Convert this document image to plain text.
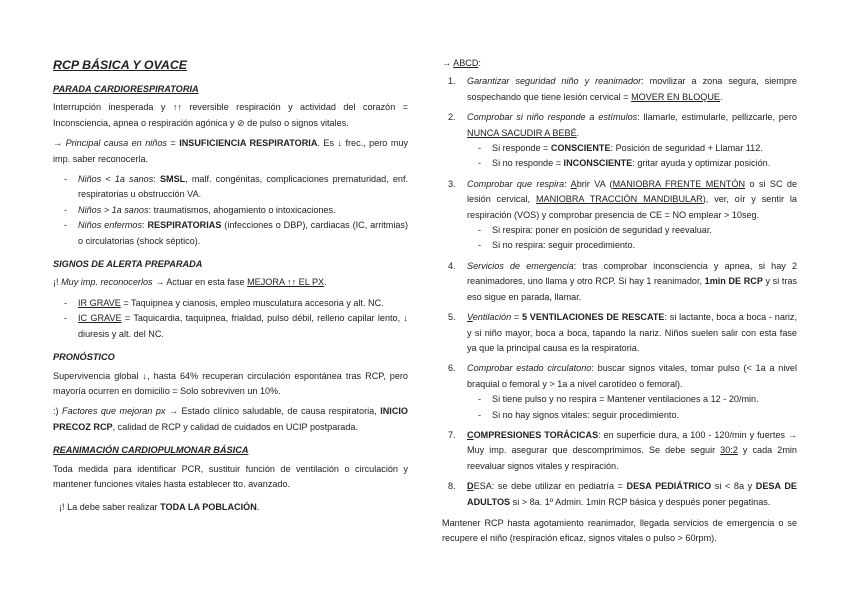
RCP BÁSICA Y OVACE
PARADA CARDIORESPIRATORIA

Interrupción inesperada y ↑↑ reversible respiración y actividad del corazón = Inconsciencia, apnea o respiración agónica y ⊘ de pulso o signos vitales.

→ Principal causa en niños = INSUFICIENCIA RESPIRATORIA. Es ↓ frec., pero muy imp. saber reconocerla.

- Niños < 1a sanos: SMSL, malf. congénitas, complicaciones prematuridad, enf. respiratorias u obstrucción VA.
- Niños > 1a sanos: traumatismos, ahogamiento o intoxicaciones.
- Niños enfermos: RESPIRATORIAS (infecciones o DBP), cardiacas (IC, arritmias) o circulatorias (shock séptico).
SIGNOS DE ALERTA PREPARADA

¡! Muy imp. reconocerlos → Actuar en esta fase MEJORA ↑↑ EL PX.

- IR GRAVE = Taquipnea y cianosis, empleo musculatura accesoria y alt. NC.
- IC GRAVE = Taquicardia, taquipnea, frialdad, pulso débil, relleno capilar lento, ↓ diuresis y alt. del NC.
PRONÓSTICO

Supervivencia global ↓, hasta 64% recuperan circulación espontánea tras RCP, pero mayoría ocurren en domicilio = Solo sobreviven un 10%.

:) Factores que mejoran px → Estado clínico saludable, de causa respiratoria, INICIO PRECOZ RCP, calidad de RCP y calidad de cuidados en UCIP postparada.

REANIMACIÓN CARDIOPULMONAR BÁSICA

Toda medida para identificar PCR, sustituir función de ventilación o circulación y mantener funciones vitales hasta establecer tto. avanzado.

¡! La debe saber realizar TODA LA POBLACIÓN.

→ ABCD:

1. Garantizar seguridad niño y reanimador: movilizar a zona segura, siempre sospechando que tiene lesión cervical = MOVER EN BLOQUE.
2. Comprobar si niño responde a estímulos: llamarle, estimularle, pellizcarle, pero NUNCA SACUDIR A BEBÉ.
- Si responde = CONSCIENTE: Posición de seguridad + Llamar 112.
- Si no responde = INCONSCIENTE: gritar ayuda y optimizar posición.
3. Comprobar que respira: Abrir VA (MANIOBRA FRENTE MENTÓN o si SC de lesión cervical, MANIOBRA TRACCIÓN MANDIBULAR), ver, oír y sentir la respiración (VOS) y comprobar presencia de CE = NO emplear > 10seg.
- Si respira: poner en posición de seguridad y reevaluar.
- Si no respira: seguir procedimiento.
4. Servicios de emergencia: tras comprobar inconsciencia y apnea, si hay 2 reanimadores, uno llama y otro RCP. Si hay 1 reanimador, 1min DE RCP y si tras eso sigue en parada, llamar.
5. Ventilación = 5 VENTILACIONES DE RESCATE: si lactante, boca a boca - nariz, y si niño mayor, boca a boca, tapando la nariz. Niños suelen salir con esta fase ya que la principal causa es la respiratoria.
6. Comprobar estado circulatorio: buscar signos vitales, tomar pulso (< 1a a nivel braquial o femoral y > 1a a nivel carotídeo o femoral).
- Si tiene pulso y no respira = Mantener ventilaciones a 12 - 20/min.
- Si no hay signos vitales: seguir procedimiento.
7. COMPRESIONES TORÁCICAS: en superficie dura, a 100 - 120/min y fuertes → Muy imp. asegurar que descomprimimos. Se debe seguir 30:2 y cada 2min reevaluar signos vitales y respiración.
8. DESA: se debe utilizar en pediatría = DESA PEDIÁTRICO si < 8a y DESA DE ADULTOS si > 8a. 1º Admin. 1min RCP básica y después poner pegatinas.

Mantener RCP hasta agotamiento reanimador, llegada servicios de emergencia o se recupere el niño (respiración eficaz, signos vitales o pulso > 60rpm).
